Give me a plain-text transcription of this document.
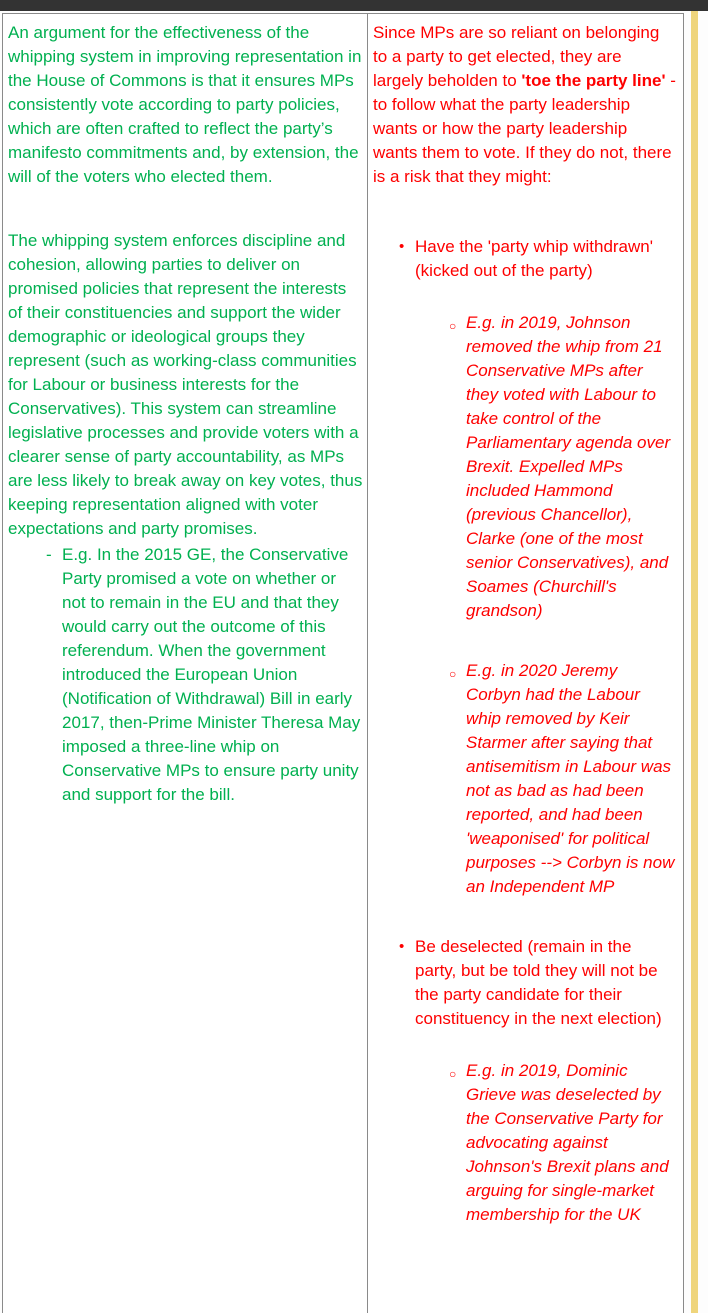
An argument for the effectiveness of the whipping system in improving representation in the House of Commons is that it ensures MPs consistently vote according to party policies, which are often crafted to reflect the party’s manifesto commitments and, by extension, the will of the voters who elected them.
The whipping system enforces discipline and cohesion, allowing parties to deliver on promised policies that represent the interests of their constituencies and support the wider demographic or ideological groups they represent (such as working-class communities for Labour or business interests for the Conservatives). This system can streamline legislative processes and provide voters with a clearer sense of party accountability, as MPs are less likely to break away on key votes, thus keeping representation aligned with voter expectations and party promises.
- E.g. In the 2015 GE, the Conservative Party promised a vote on whether or not to remain in the EU and that they would carry out the outcome of this referendum. When the government introduced the European Union (Notification of Withdrawal) Bill in early 2017, then-Prime Minister Theresa May imposed a three-line whip on Conservative MPs to ensure party unity and support for the bill.
Since MPs are so reliant on belonging to a party to get elected, they are largely beholden to 'toe the party line' - to follow what the party leadership wants or how the party leadership wants them to vote. If they do not, there is a risk that they might:
• Have the 'party whip withdrawn' (kicked out of the party)
○ E.g. in 2019, Johnson removed the whip from 21 Conservative MPs after they voted with Labour to take control of the Parliamentary agenda over Brexit. Expelled MPs included Hammond (previous Chancellor), Clarke (one of the most senior Conservatives), and Soames (Churchill's grandson)
○ E.g. in 2020 Jeremy Corbyn had the Labour whip removed by Keir Starmer after saying that antisemitism in Labour was not as bad as had been reported, and had been 'weaponised' for political purposes --> Corbyn is now an Independent MP
• Be deselected (remain in the party, but be told they will not be the party candidate for their constituency in the next election)
○ E.g. in 2019, Dominic Grieve was deselected by the Conservative Party for advocating against Johnson's Brexit plans and arguing for single-market membership for the UK
